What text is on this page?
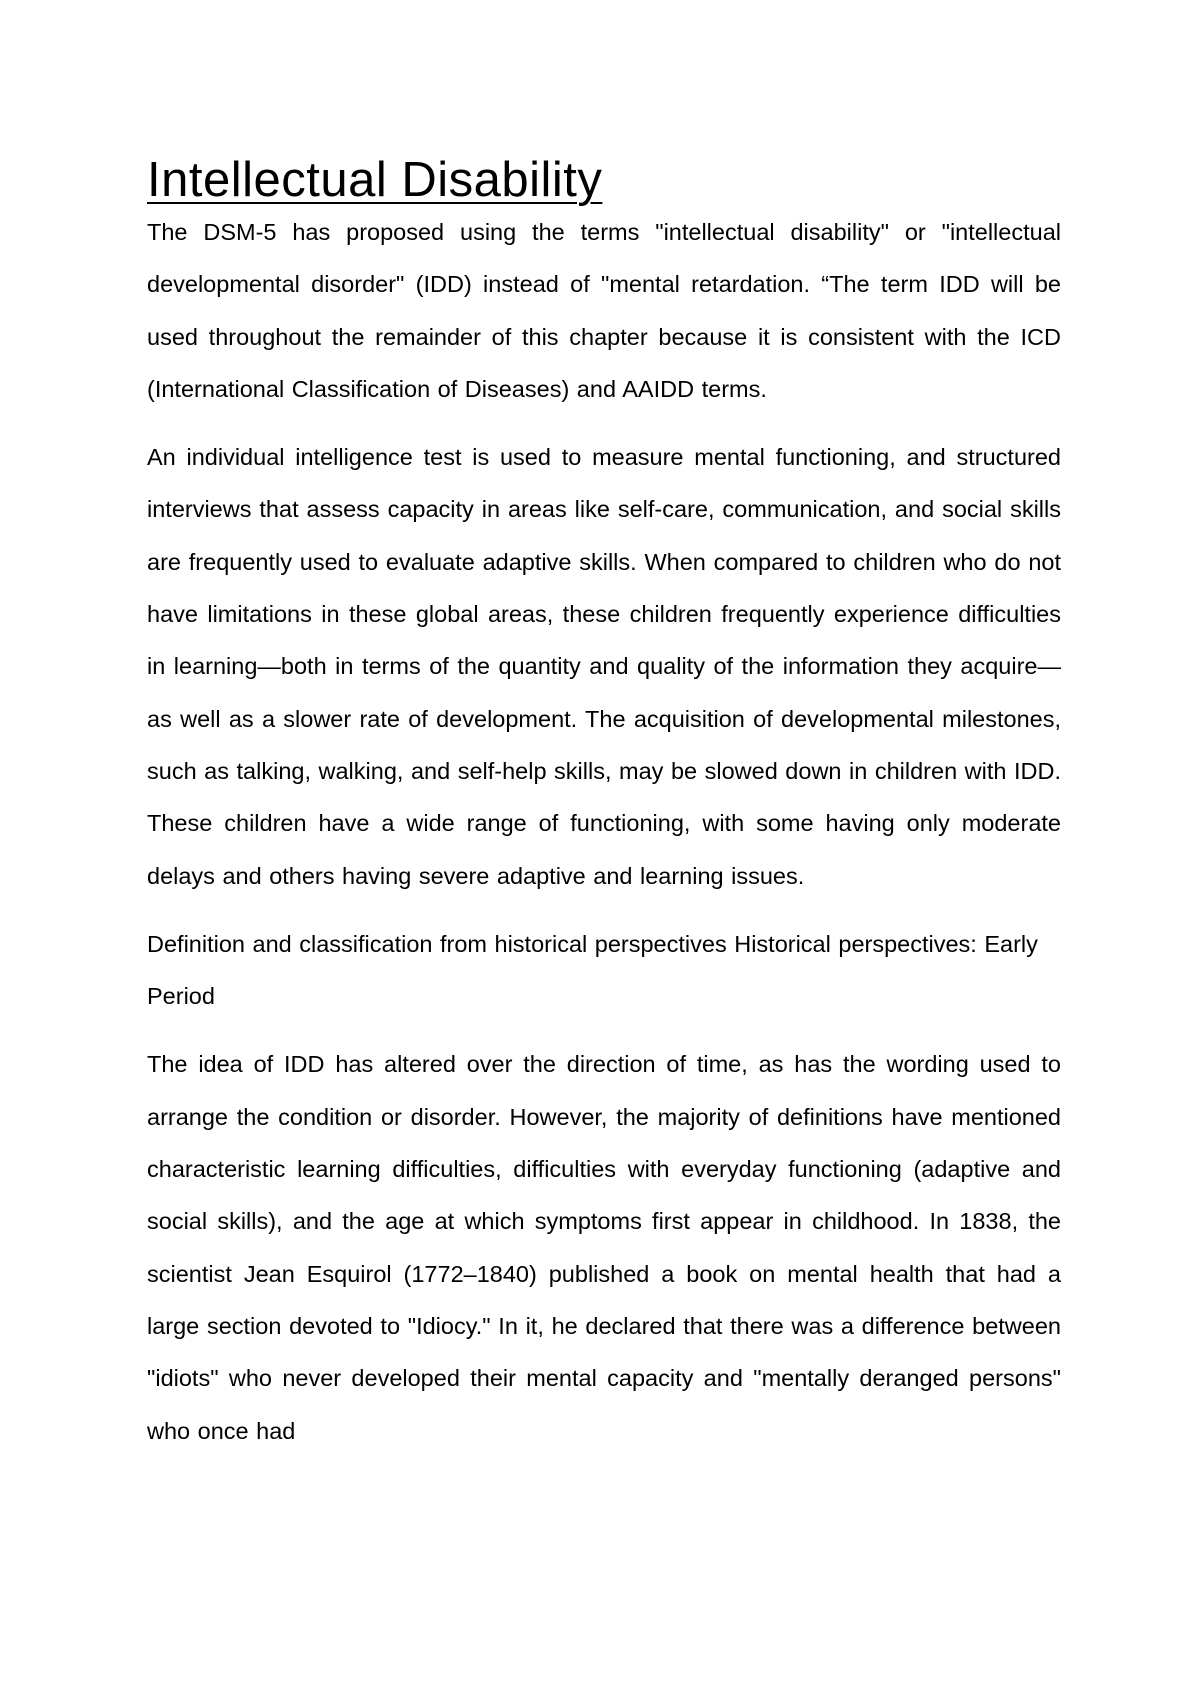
Intellectual Disability

The DSM-5 has proposed using the terms "intellectual disability" or "intellectual developmental disorder" (IDD) instead of "mental retardation. “The term IDD will be used throughout the remainder of this chapter because it is consistent with the ICD (International Classification of Diseases) and AAIDD terms.

An individual intelligence test is used to measure mental functioning, and structured interviews that assess capacity in areas like self-care, communication, and social skills are frequently used to evaluate adaptive skills. When compared to children who do not have limitations in these global areas, these children frequently experience difficulties in learning—both in terms of the quantity and quality of the information they acquire—as well as a slower rate of development. The acquisition of developmental milestones, such as talking, walking, and self-help skills, may be slowed down in children with IDD. These children have a wide range of functioning, with some having only moderate delays and others having severe adaptive and learning issues.

Definition and classification from historical perspectives Historical perspectives: Early Period

The idea of IDD has altered over the direction of time, as has the wording used to arrange the condition or disorder. However, the majority of definitions have mentioned characteristic learning difficulties, difficulties with everyday functioning (adaptive and social skills), and the age at which symptoms first appear in childhood. In 1838, the scientist Jean Esquirol (1772–1840) published a book on mental health that had a large section devoted to "Idiocy." In it, he declared that there was a difference between "idiots" who never developed their mental capacity and "mentally deranged persons" who once had
